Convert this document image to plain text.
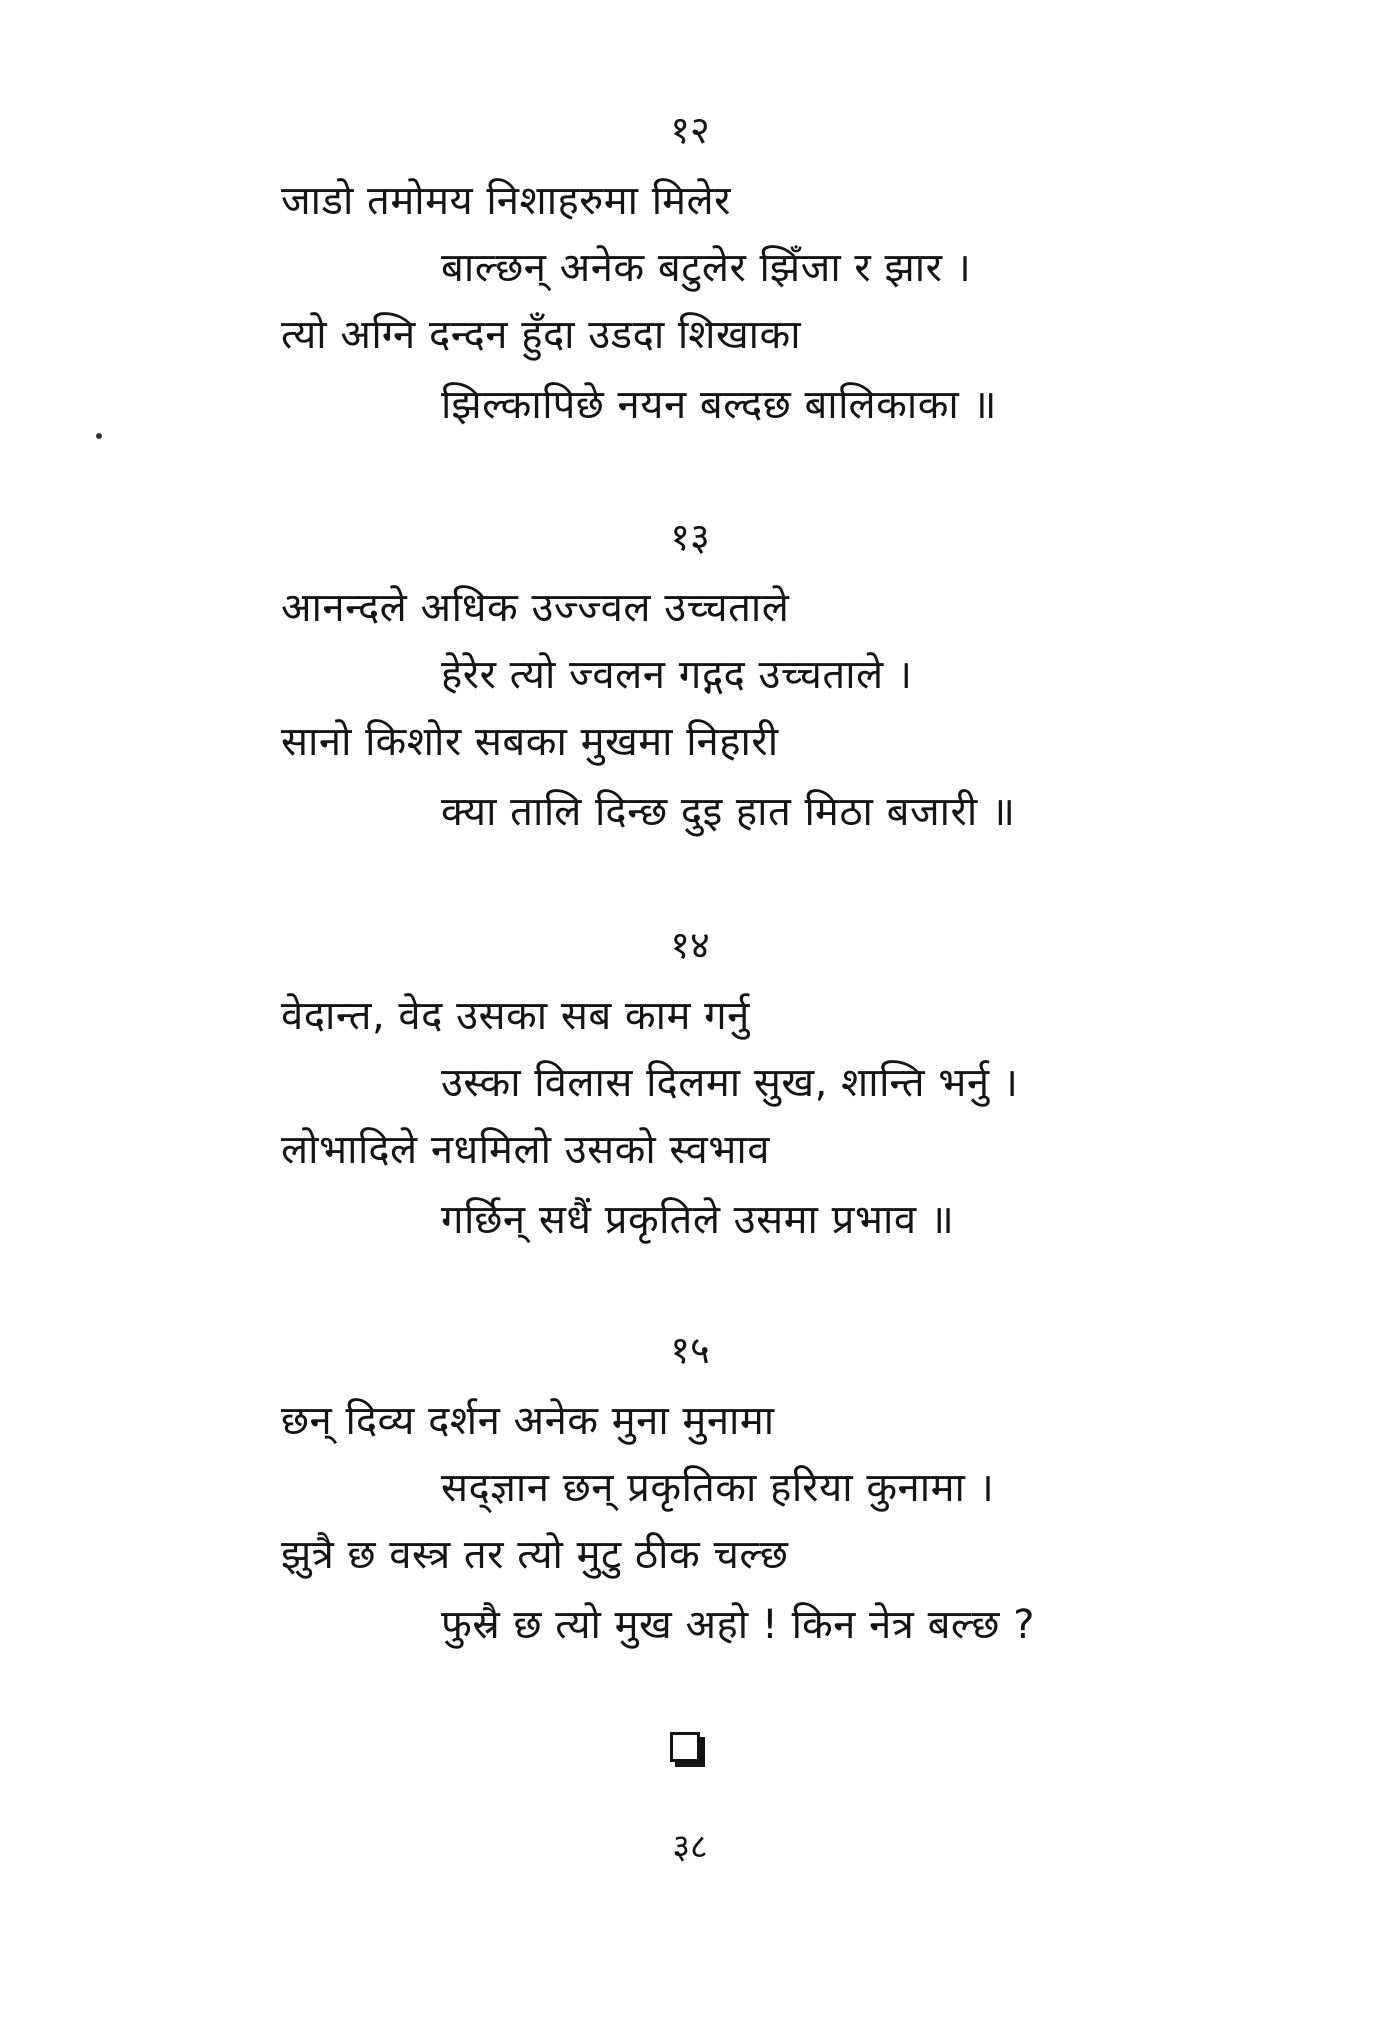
१२
जाडो तमोमय निशाहरुमा मिलेर
बाल्छन् अनेक बटुलेर झिँजा र झार ।
त्यो अग्नि दन्दन हुँदा उडदा शिखाका
झिल्कापिछे नयन बल्दछ बालिकाका ॥
१३
आनन्दले अधिक उज्ज्वल उच्चताले
हेरेर त्यो ज्वलन गद्गद उच्चताले ।
सानो किशोर सबका मुखमा निहारी
क्या तालि दिन्छ दुइ हात मिठा बजारी ॥
१४
वेदान्त, वेद उसका सब काम गर्नु
उस्का विलास दिलमा सुख, शान्ति भर्नु ।
लोभादिले नधमिलो उसको स्वभाव
गर्छिन् सधैं प्रकृतिले उसमा प्रभाव ॥
१५
छन् दिव्य दर्शन अनेक मुना मुनामा
सद्ज्ञान छन् प्रकृतिका हरिया कुनामा ।
झुत्रै छ वस्त्र तर त्यो मुटु ठीक चल्छ
फुस्रै छ त्यो मुख अहो ! किन नेत्र बल्छ ?
३८
